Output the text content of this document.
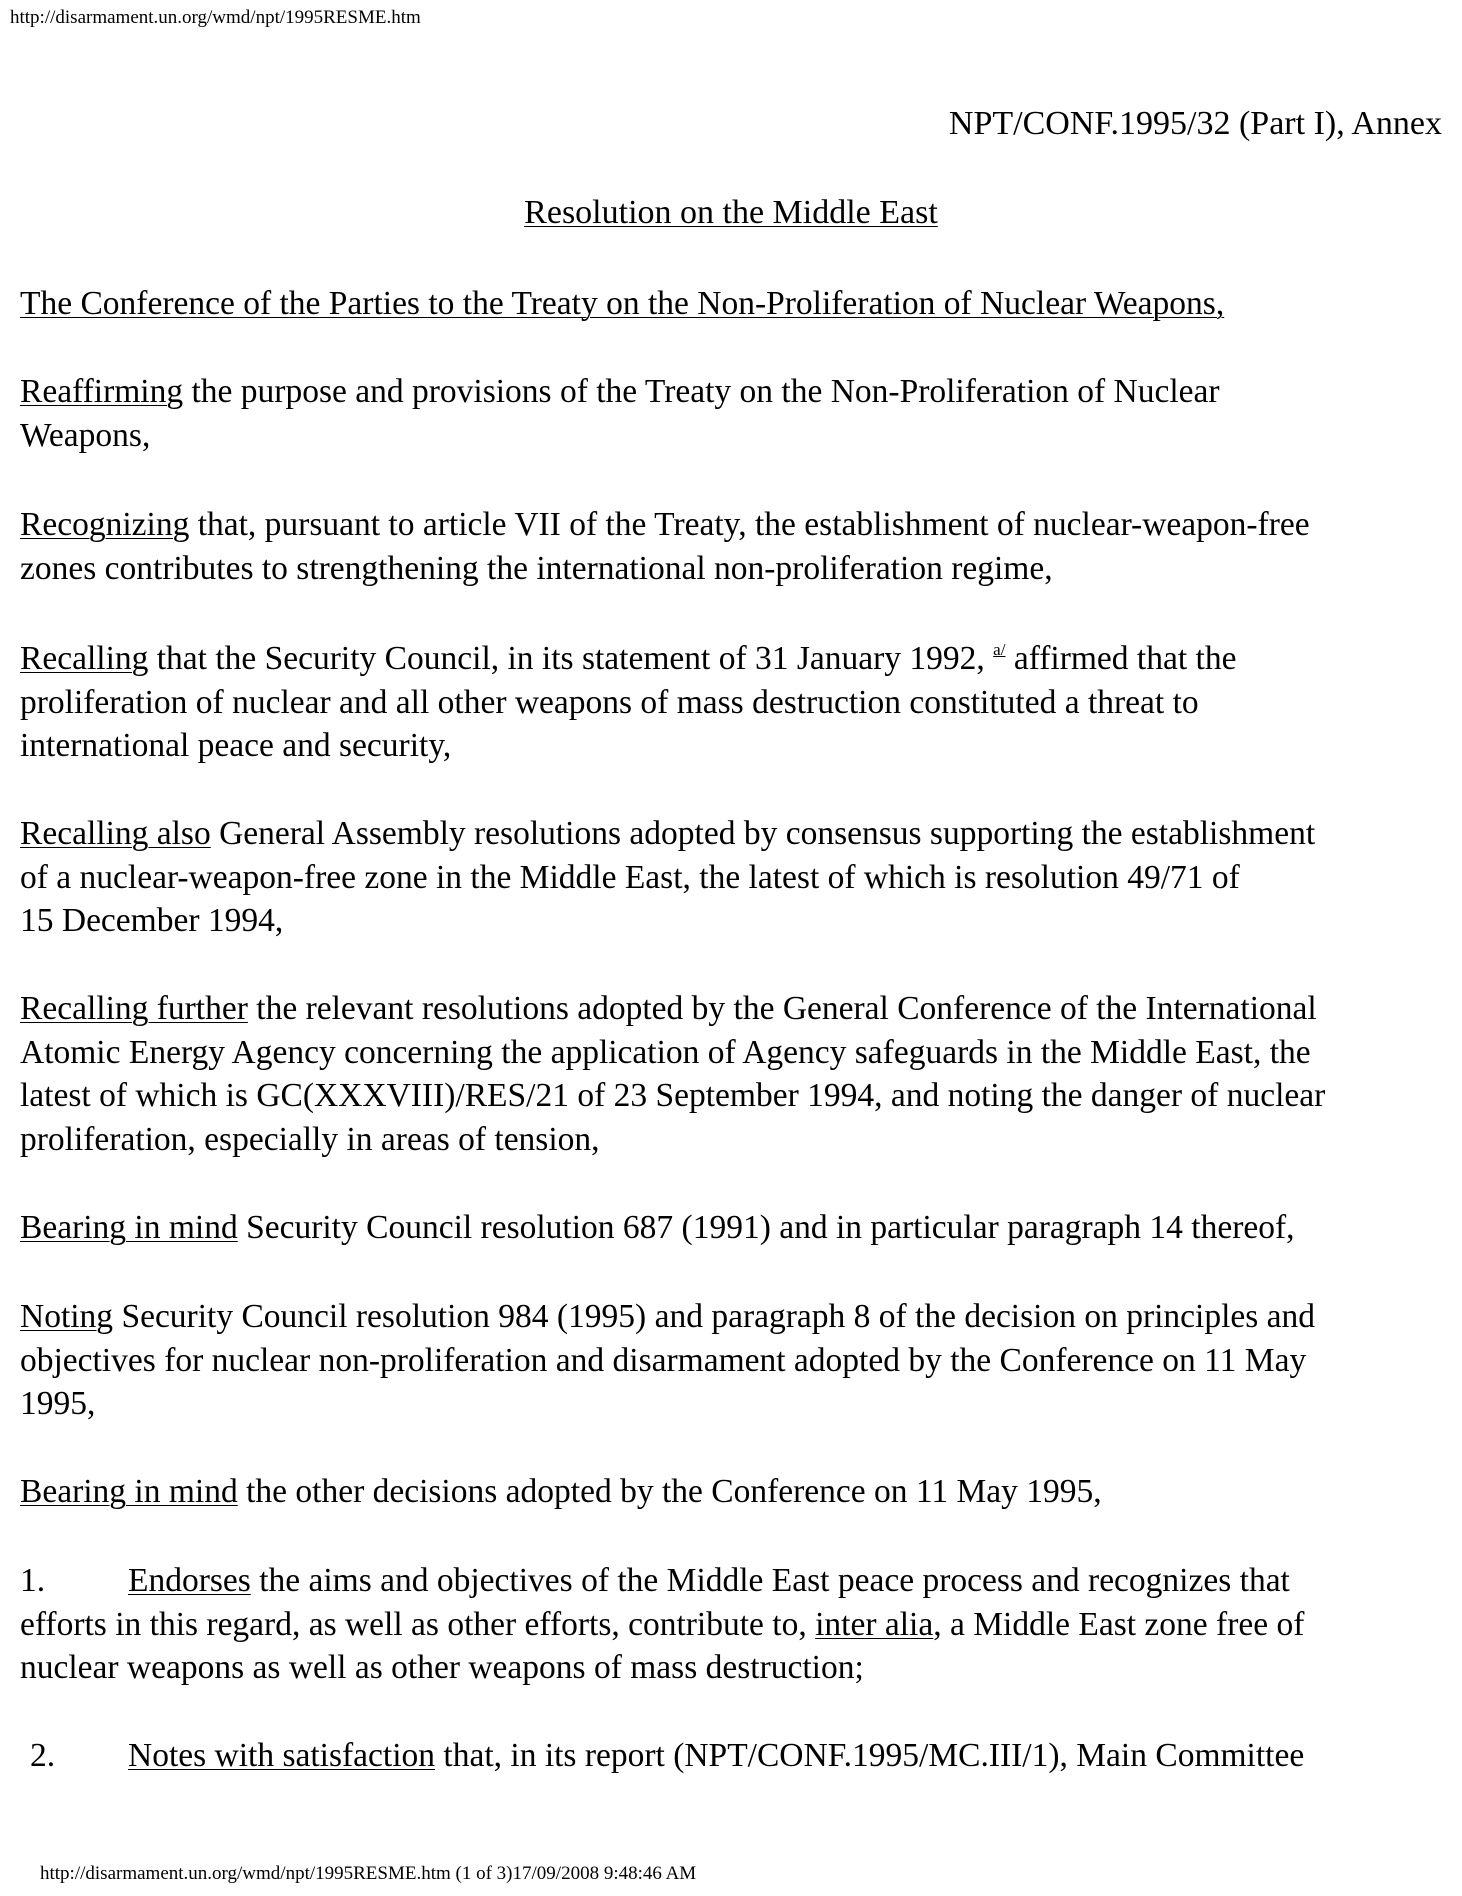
http://disarmament.un.org/wmd/npt/1995RESME.htm
NPT/CONF.1995/32 (Part I), Annex
Resolution on the Middle East

The Conference of the Parties to the Treaty on the Non-Proliferation of Nuclear Weapons,

Reaffirming the purpose and provisions of the Treaty on the Non-Proliferation of Nuclear
Weapons,

Recognizing that, pursuant to article VII of the Treaty, the establishment of nuclear-weapon-free
zones contributes to strengthening the international non-proliferation regime,

Recalling that the Security Council, in its statement of 31 January 1992, $^{a/}$ affirmed that the
proliferation of nuclear and all other weapons of mass destruction constituted a threat to
international peace and security,

Recalling also General Assembly resolutions adopted by consensus supporting the establishment
of a nuclear-weapon-free zone in the Middle East, the latest of which is resolution 49/71 of
15 December 1994,

Recalling further the relevant resolutions adopted by the General Conference of the International
Atomic Energy Agency concerning the application of Agency safeguards in the Middle East, the
latest of which is GC(XXXVIII)/RES/21 of 23 September 1994, and noting the danger of nuclear
proliferation, especially in areas of tension,

Bearing in mind Security Council resolution 687 (1991) and in particular paragraph 14 thereof,

Noting Security Council resolution 984 (1995) and paragraph 8 of the decision on principles and
objectives for nuclear non-proliferation and disarmament adopted by the Conference on 11 May
1995,

Bearing in mind the other decisions adopted by the Conference on 11 May 1995,

1. Endorses the aims and objectives of the Middle East peace process and recognizes that
efforts in this regard, as well as other efforts, contribute to, inter alia, a Middle East zone free of
nuclear weapons as well as other weapons of mass destruction;

2. Notes with satisfaction that, in its report (NPT/CONF.1995/MC.III/1), Main Committee

http://disarmament.un.org/wmd/npt/1995RESME.htm (1 of 3)17/09/2008 9:48:46 AM
